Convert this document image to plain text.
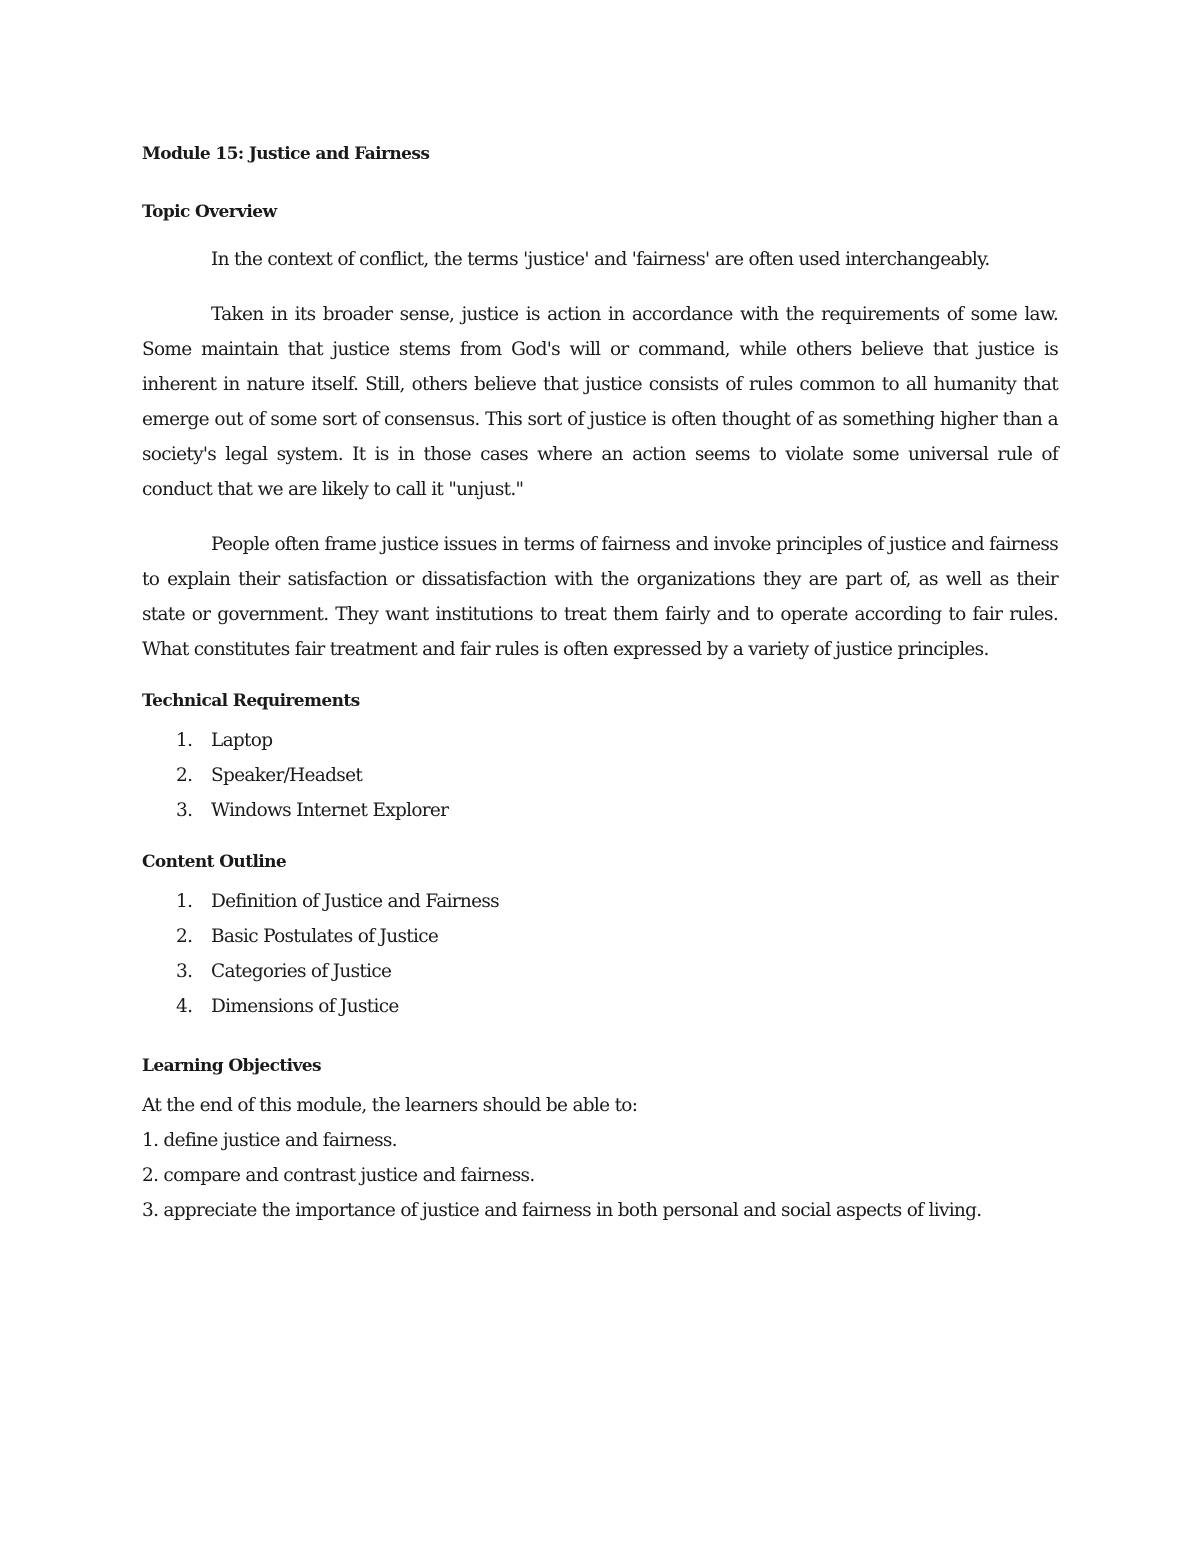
Module 15: Justice and Fairness
Topic Overview

In the context of conflict, the terms 'justice' and 'fairness' are often used interchangeably.

Taken in its broader sense, justice is action in accordance with the requirements of some law. Some maintain that justice stems from God's will or command, while others believe that justice is inherent in nature itself. Still, others believe that justice consists of rules common to all humanity that emerge out of some sort of consensus. This sort of justice is often thought of as something higher than a society's legal system. It is in those cases where an action seems to violate some universal rule of conduct that we are likely to call it "unjust."

People often frame justice issues in terms of fairness and invoke principles of justice and fairness to explain their satisfaction or dissatisfaction with the organizations they are part of, as well as their state or government. They want institutions to treat them fairly and to operate according to fair rules. What constitutes fair treatment and fair rules is often expressed by a variety of justice principles.

Technical Requirements
1.	Laptop
2.	Speaker/Headset
3.	Windows Internet Explorer
Content Outline
1.	Definition of Justice and Fairness
2.	Basic Postulates of Justice
3.	Categories of Justice
4.	Dimensions of Justice
Learning Objectives

At the end of this module, the learners should be able to:

1. define justice and fairness.

2. compare and contrast justice and fairness.

3. appreciate the importance of justice and fairness in both personal and social aspects of living.
